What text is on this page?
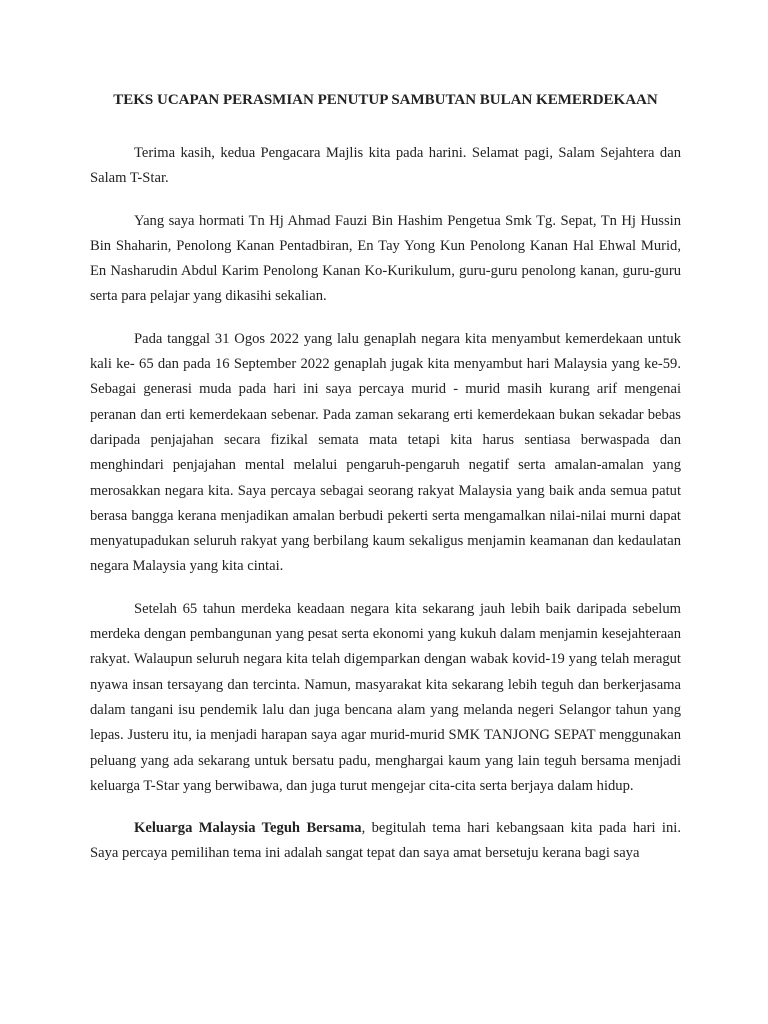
TEKS UCAPAN PERASMIAN PENUTUP SAMBUTAN BULAN KEMERDEKAAN

Terima kasih, kedua Pengacara Majlis kita pada harini. Selamat pagi, Salam Sejahtera dan Salam T-Star.

Yang saya hormati Tn Hj Ahmad Fauzi Bin Hashim Pengetua Smk Tg. Sepat, Tn Hj Hussin Bin Shaharin, Penolong Kanan Pentadbiran, En Tay Yong Kun Penolong Kanan Hal Ehwal Murid, En Nasharudin Abdul Karim Penolong Kanan Ko-Kurikulum, guru-guru penolong kanan, guru-guru serta para pelajar yang dikasihi sekalian.

Pada tanggal 31 Ogos 2022 yang lalu genaplah negara kita menyambut kemerdekaan untuk kali ke- 65 dan pada 16 September 2022 genaplah jugak kita menyambut hari Malaysia yang ke-59. Sebagai generasi muda pada hari ini saya percaya murid - murid masih kurang arif mengenai peranan dan erti kemerdekaan sebenar. Pada zaman sekarang erti kemerdekaan bukan sekadar bebas daripada penjajahan secara fizikal semata mata tetapi kita harus sentiasa berwaspada dan menghindari penjajahan mental melalui pengaruh-pengaruh negatif serta amalan-amalan yang merosakkan negara kita. Saya percaya sebagai seorang rakyat Malaysia yang baik anda semua patut berasa bangga kerana menjadikan amalan berbudi pekerti serta mengamalkan nilai-nilai murni dapat menyatupadukan seluruh rakyat yang berbilang kaum sekaligus menjamin keamanan dan kedaulatan negara Malaysia yang kita cintai.

Setelah 65 tahun merdeka keadaan negara kita sekarang jauh lebih baik daripada sebelum merdeka dengan pembangunan yang pesat serta ekonomi yang kukuh dalam menjamin kesejahteraan rakyat. Walaupun seluruh negara kita telah digemparkan dengan wabak kovid-19 yang telah meragut nyawa insan tersayang dan tercinta. Namun, masyarakat kita sekarang lebih teguh dan berkerjasama dalam tangani isu pendemik lalu dan juga bencana alam yang melanda negeri Selangor tahun yang lepas. Justeru itu, ia menjadi harapan saya agar murid-murid SMK TANJONG SEPAT menggunakan peluang yang ada sekarang untuk bersatu padu, menghargai kaum yang lain teguh bersama menjadi keluarga T-Star yang berwibawa, dan juga turut mengejar cita-cita serta berjaya dalam hidup.

Keluarga Malaysia Teguh Bersama, begitulah tema hari kebangsaan kita pada hari ini. Saya percaya pemilihan tema ini adalah sangat tepat dan saya amat bersetuju kerana bagi saya
